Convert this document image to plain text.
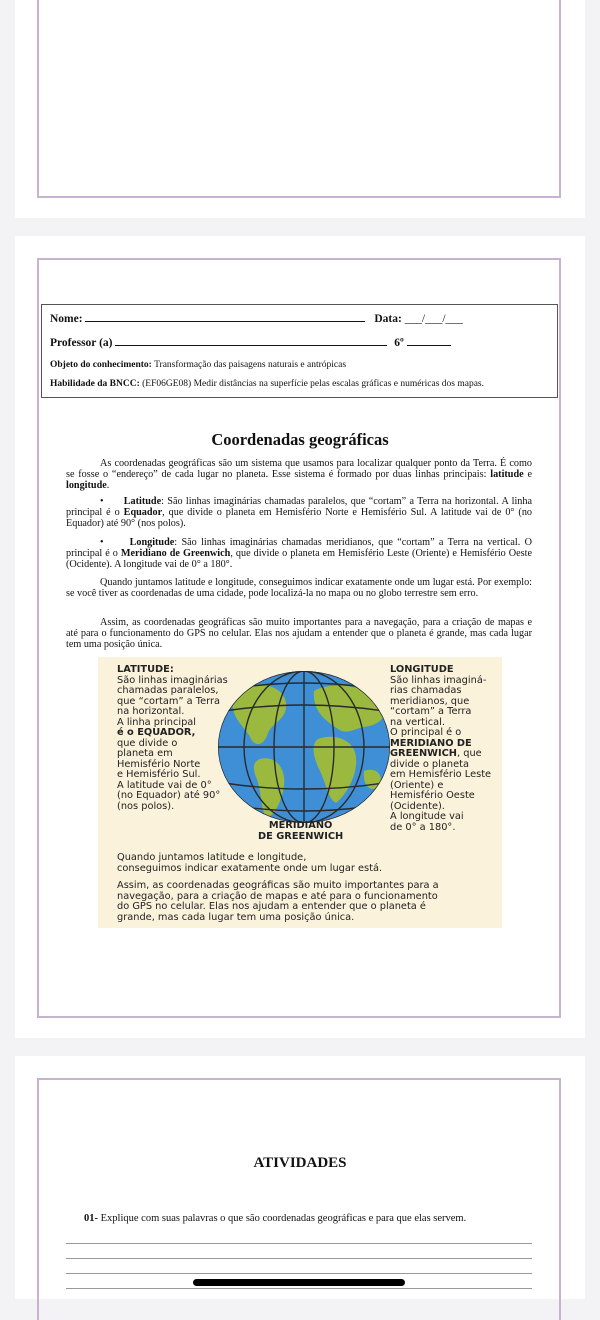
Nome:	Data: ___/___/___
Professor (a)	6º
Objeto do conhecimento: Transformação das paisagens naturais e antrópicas
Habilidade da BNCC: (EF06GE08) Medir distâncias na superfície pelas escalas gráficas e numéricas dos mapas.
Coordenadas geográficas

As coordenadas geográficas são um sistema que usamos para localizar qualquer ponto da Terra. É como se fosse o “endereço” de cada lugar no planeta. Esse sistema é formado por duas linhas principais: latitude e longitude.

• Latitude: São linhas imaginárias chamadas paralelos, que “cortam” a Terra na horizontal. A linha principal é o Equador, que divide o planeta em Hemisfério Norte e Hemisfério Sul. A latitude vai de 0° (no Equador) até 90° (nos polos).

•	Longitude: São linhas imaginárias chamadas meridianos, que “cortam” a Terra na vertical. O principal é o Meridiano de Greenwich, que divide o planeta em Hemisfério Leste (Oriente) e Hemisfério Oeste (Ocidente). A longitude vai de 0° a 180°.

Quando juntamos latitude e longitude, conseguimos indicar exatamente onde um lugar está. Por exemplo: se você tiver as coordenadas de uma cidade, pode localizá-la no mapa ou no globo terrestre sem erro.

Assim, as coordenadas geográficas são muito importantes para a navegação, para a criação de mapas e até para o funcionamento do GPS no celular. Elas nos ajudam a entender que o planeta é grande, mas cada lugar tem uma posição única.

LATITUDE:
São linhas imaginárias
chamadas paralelos,
que “cortam” a Terra
na horizontal.
A linha principal
é o EQUADOR,
que divide o
planeta em
Hemisfério Norte
e Hemisfério Sul.
A latitude vai de 0°
(no Equador) até 90°
(nos polos).
LONGITUDE
São linhas imaginá-
rias chamadas
meridianos, que
“cortam” a Terra
na vertical.
O principal é o
MERIDIANO DE
GREENWICH, que
divide o planeta
em Hemisfério Leste
(Oriente) e
Hemisfério Oeste
(Ocidente).
A longitude vai
de 0° a 180°.
MERIDIANO
DE GREENWICH
Quando juntamos latitude e longitude,
conseguimos indicar exatamente onde um lugar está.
Assim, as coordenadas geográficas são muito importantes para a
navegação, para a criação de mapas e até para o funcionamento
do GPS no celular. Elas nos ajudam a entender que o planeta é
grande, mas cada lugar tem uma posição única.
ATIVIDADES
01- Explique com suas palavras o que são coordenadas geográficas e para que elas servem.
